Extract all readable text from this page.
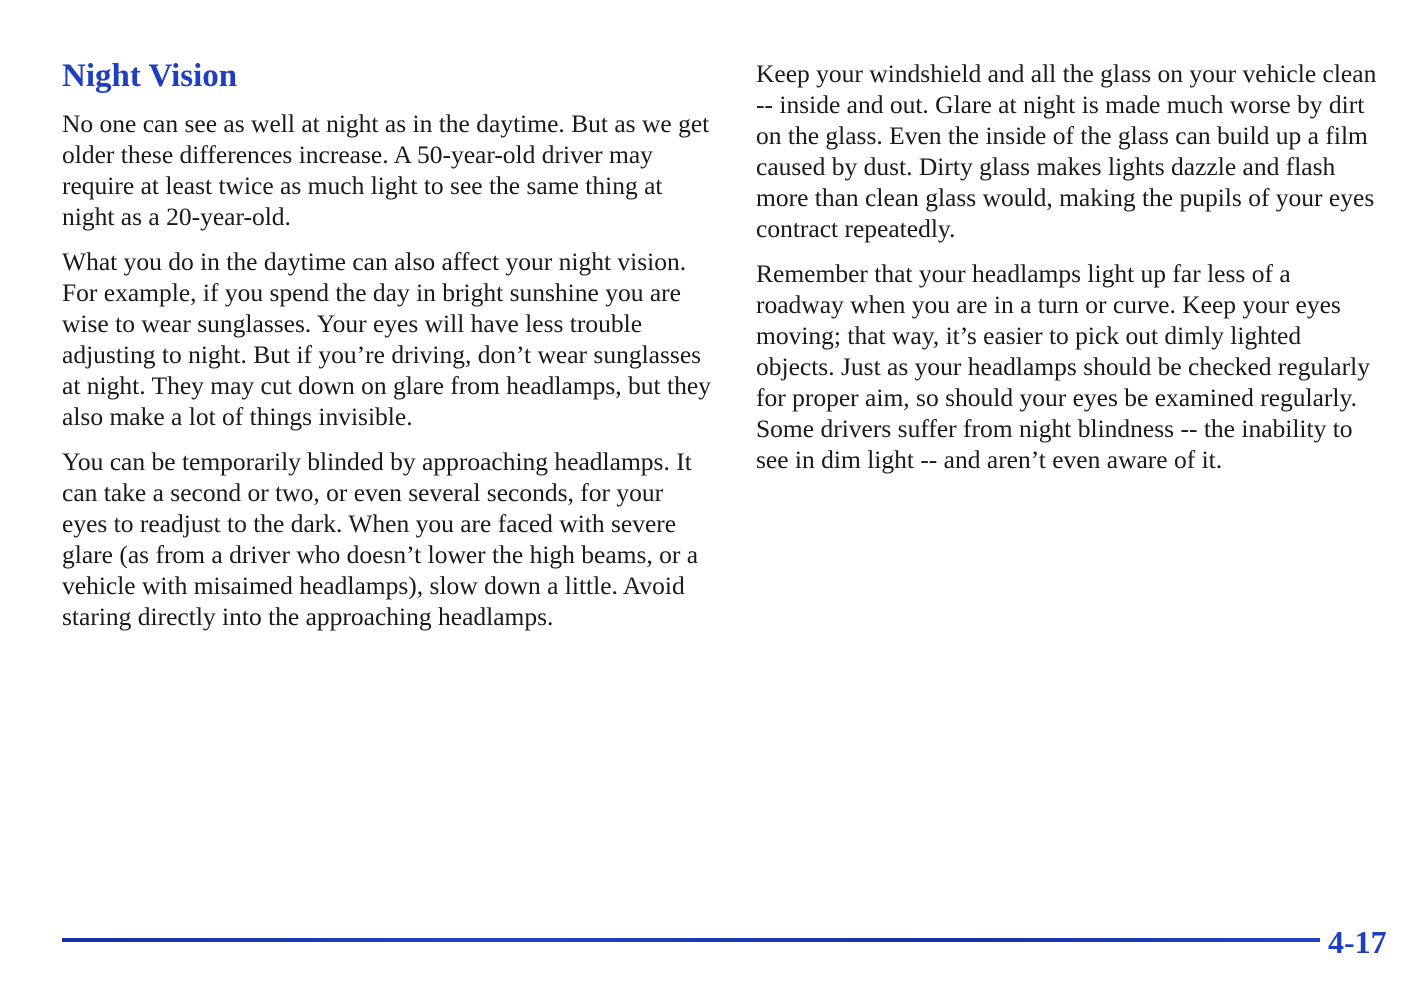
Night Vision

No one can see as well at night as in the daytime. But as we get older these differences increase. A 50-year-old driver may require at least twice as much light to see the same thing at night as a 20-year-old.

What you do in the daytime can also affect your night vision. For example, if you spend the day in bright sunshine you are wise to wear sunglasses. Your eyes will have less trouble adjusting to night. But if you’re driving, don’t wear sunglasses at night. They may cut down on glare from headlamps, but they also make a lot of things invisible.

You can be temporarily blinded by approaching headlamps. It can take a second or two, or even several seconds, for your eyes to readjust to the dark. When you are faced with severe glare (as from a driver who doesn’t lower the high beams, or a vehicle with misaimed headlamps), slow down a little. Avoid staring directly into the approaching headlamps.

Keep your windshield and all the glass on your vehicle clean -- inside and out. Glare at night is made much worse by dirt on the glass. Even the inside of the glass can build up a film caused by dust. Dirty glass makes lights dazzle and flash more than clean glass would, making the pupils of your eyes contract repeatedly.

Remember that your headlamps light up far less of a roadway when you are in a turn or curve. Keep your eyes moving; that way, it’s easier to pick out dimly lighted objects. Just as your headlamps should be checked regularly for proper aim, so should your eyes be examined regularly. Some drivers suffer from night blindness -- the inability to see in dim light -- and aren’t even aware of it.

4-17
